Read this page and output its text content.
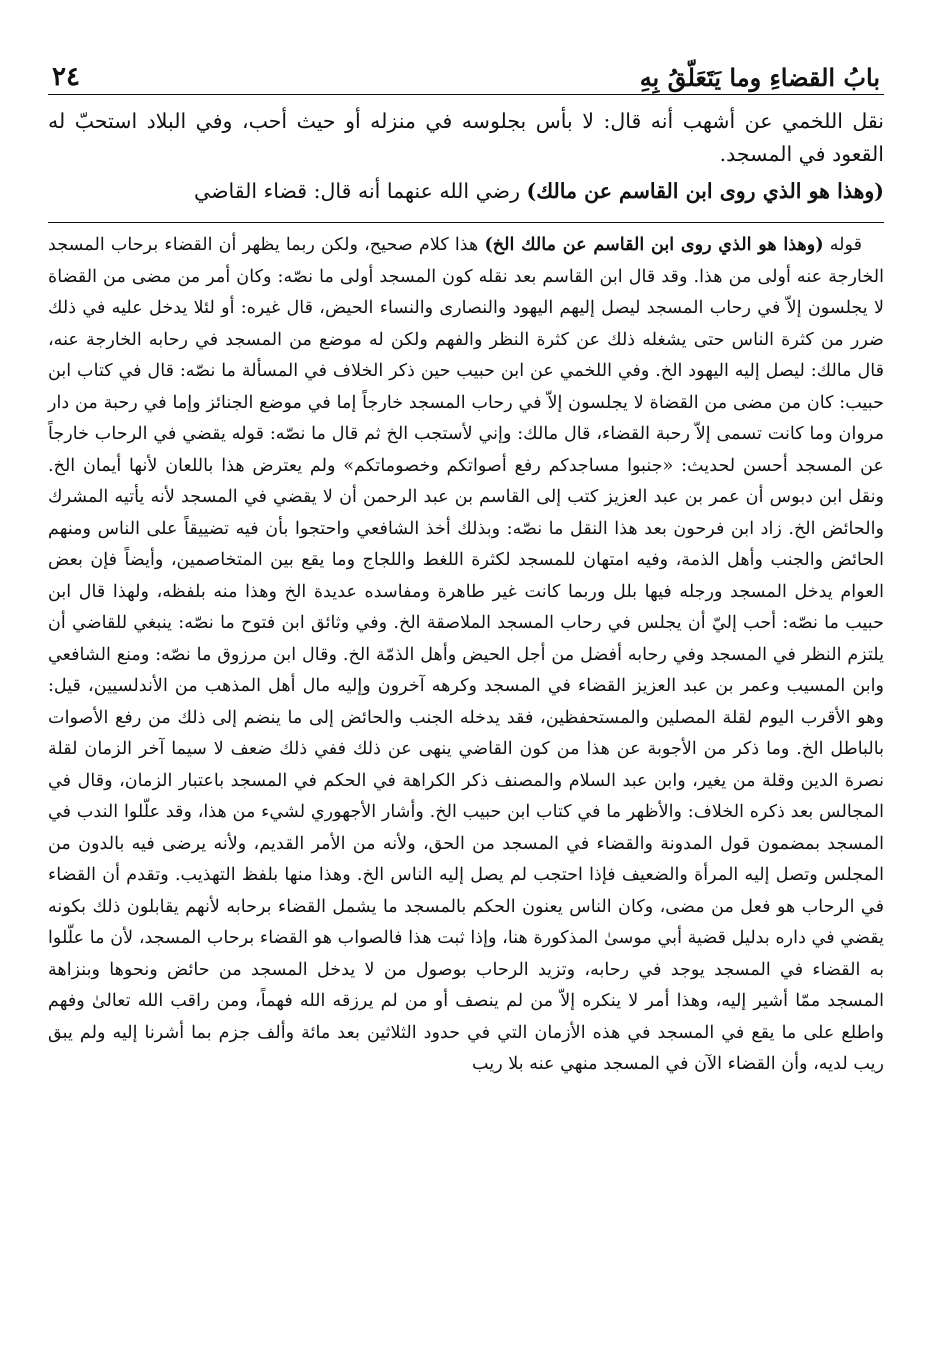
بابُ القضاءِ وما يَتَعَلّقُ بِهِ
٢٤

نقل اللخمي عن أشهب أنه قال: لا بأس بجلوسه في منزله أو حيث أحب، وفي البلاد استحبّ له القعود في المسجد.

(وهذا هو الذي روى ابن القاسم عن مالك) رضي الله عنهما أنه قال: قضاء القاضي

قوله (وهذا هو الذي روى ابن القاسم عن مالك الخ) هذا كلام صحيح، ولكن ربما يظهر أن القضاء برحاب المسجد الخارجة عنه أولى من هذا. وقد قال ابن القاسم بعد نقله كون المسجد أولى ما نصّه: وكان أمر من مضى من القضاة لا يجلسون إلاّ في رحاب المسجد ليصل إليهم اليهود والنصارى والنساء الحيض، قال غيره: أو لئلا يدخل عليه في ذلك ضرر من كثرة الناس حتى يشغله ذلك عن كثرة النظر والفهم ولكن له موضع من المسجد في رحابه الخارجة عنه، قال مالك: ليصل إليه اليهود الخ. وفي اللخمي عن ابن حبيب حين ذكر الخلاف في المسألة ما نصّه: قال في كتاب ابن حبيب: كان من مضى من القضاة لا يجلسون إلاّ في رحاب المسجد خارجاً إما في موضع الجنائز وإما في رحبة من دار مروان وما كانت تسمى إلاّ رحبة القضاء، قال مالك: وإني لأستجب الخ ثم قال ما نصّه: قوله يقضي في الرحاب خارجاً عن المسجد أحسن لحديث: «جنبوا مساجدكم رفع أصواتكم وخصوماتكم» ولم يعترض هذا باللعان لأنها أيمان الخ. ونقل ابن دبوس أن عمر بن عبد العزيز كتب إلى القاسم بن عبد الرحمن أن لا يقضي في المسجد لأنه يأتيه المشرك والحائض الخ. زاد ابن فرحون بعد هذا النقل ما نصّه: وبذلك أخذ الشافعي واحتجوا بأن فيه تضييقاً على الناس ومنهم الحائض والجنب وأهل الذمة، وفيه امتهان للمسجد لكثرة اللغط واللجاج وما يقع بين المتخاصمين، وأيضاً فإن بعض العوام يدخل المسجد ورجله فيها بلل وربما كانت غير طاهرة ومفاسده عديدة الخ وهذا منه بلفظه، ولهذا قال ابن حبيب ما نصّه: أحب إليّ أن يجلس في رحاب المسجد الملاصقة الخ. وفي وثائق ابن فتوح ما نصّه: ينبغي للقاضي أن يلتزم النظر في المسجد وفي رحابه أفضل من أجل الحيض وأهل الذمّة الخ. وقال ابن مرزوق ما نصّه: ومنع الشافعي وابن المسيب وعمر بن عبد العزيز القضاء في المسجد وكرهه آخرون وإليه مال أهل المذهب من الأندلسيين، قيل: وهو الأقرب اليوم لقلة المصلين والمستحفظين، فقد يدخله الجنب والحائض إلى ما ينضم إلى ذلك من رفع الأصوات بالباطل الخ. وما ذكر من الأجوبة عن هذا من كون القاضي ينهى عن ذلك ففي ذلك ضعف لا سيما آخر الزمان لقلة نصرة الدين وقلة من يغير، وابن عبد السلام والمصنف ذكر الكراهة في الحكم في المسجد باعتبار الزمان، وقال في المجالس بعد ذكره الخلاف: والأظهر ما في كتاب ابن حبيب الخ. وأشار الأجهوري لشيء من هذا، وقد علّلوا الندب في المسجد بمضمون قول المدونة والقضاء في المسجد من الحق، ولأنه من الأمر القديم، ولأنه يرضى فيه بالدون من المجلس وتصل إليه المرأة والضعيف فإذا احتجب لم يصل إليه الناس الخ. وهذا منها بلفظ التهذيب. وتقدم أن القضاء في الرحاب هو فعل من مضى، وكان الناس يعنون الحكم بالمسجد ما يشمل القضاء برحابه لأنهم يقابلون ذلك بكونه يقضي في داره بدليل قضية أبي موسىٰ المذكورة هنا، وإذا ثبت هذا فالصواب هو القضاء برحاب المسجد، لأن ما علّلوا به القضاء في المسجد يوجد في رحابه، وتزيد الرحاب بوصول من لا يدخل المسجد من حائض ونحوها وبنزاهة المسجد ممّا أشير إليه، وهذا أمر لا ينكره إلاّ من لم ينصف أو من لم يرزقه الله فهماً، ومن راقب الله تعالىٰ وفهم واطلع على ما يقع في المسجد في هذه الأزمان التي في حدود الثلاثين بعد مائة وألف جزم بما أشرنا إليه ولم يبق ريب لديه، وأن القضاء الآن في المسجد منهي عنه بلا ريب
